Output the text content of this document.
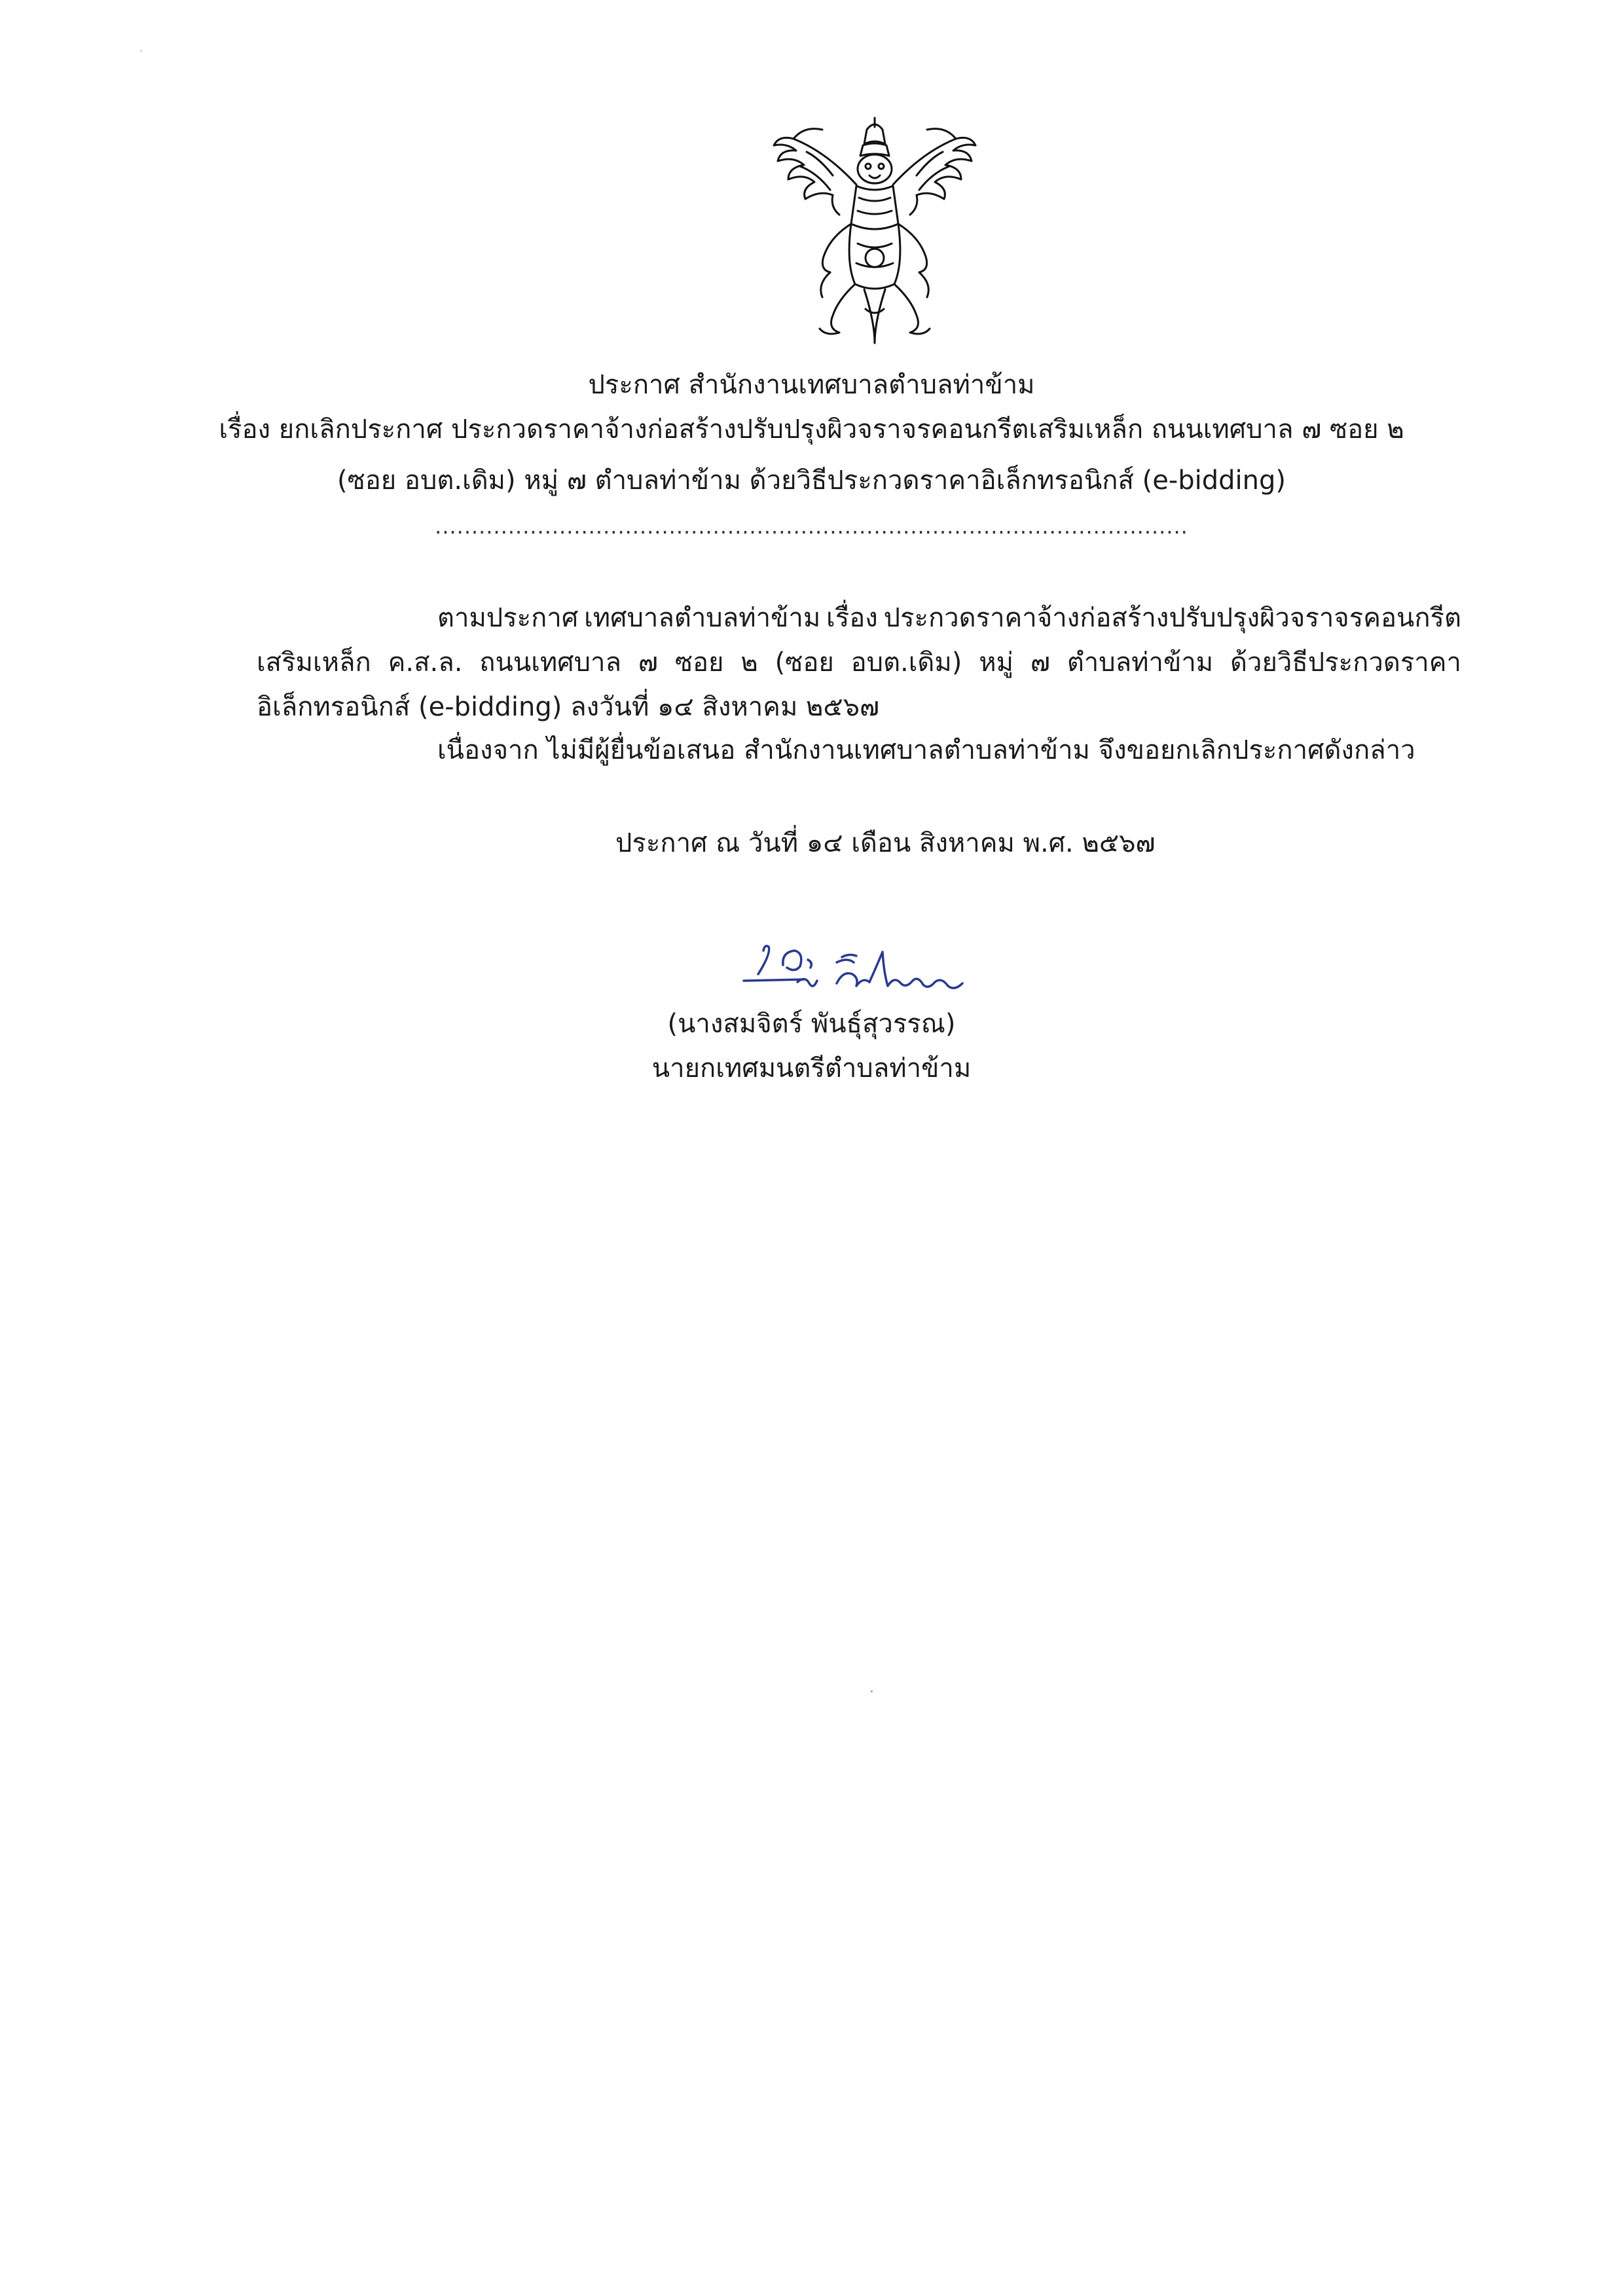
ประกาศ สำนักงานเทศบาลตำบลท่าข้าม
เรื่อง ยกเลิกประกาศ ประกวดราคาจ้างก่อสร้างปรับปรุงผิวจราจรคอนกรีตเสริมเหล็ก ถนนเทศบาล ๗ ซอย ๒
(ซอย อบต.เดิม) หมู่ ๗ ตำบลท่าข้าม ด้วยวิธีประกวดราคาอิเล็กทรอนิกส์ (e-bidding)
.......................................................................................................
ตามประกาศ เทศบาลตำบลท่าข้าม เรื่อง ประกวดราคาจ้างก่อสร้างปรับปรุงผิวจราจรคอนกรีต
เสริมเหล็ก ค.ส.ล. ถนนเทศบาล ๗ ซอย ๒ (ซอย อบต.เดิม) หมู่ ๗ ตำบลท่าข้าม ด้วยวิธีประกวดราคา
อิเล็กทรอนิกส์ (e-bidding) ลงวันที่ ๑๔ สิงหาคม ๒๕๖๗
เนื่องจาก ไม่มีผู้ยื่นข้อเสนอ สำนักงานเทศบาลตำบลท่าข้าม จึงขอยกเลิกประกาศดังกล่าว
ประกาศ ณ วันที่ ๑๔ เดือน สิงหาคม พ.ศ. ๒๕๖๗
(นางสมจิตร์ พันธุ์สุวรรณ)
นายกเทศมนตรีตำบลท่าข้าม
